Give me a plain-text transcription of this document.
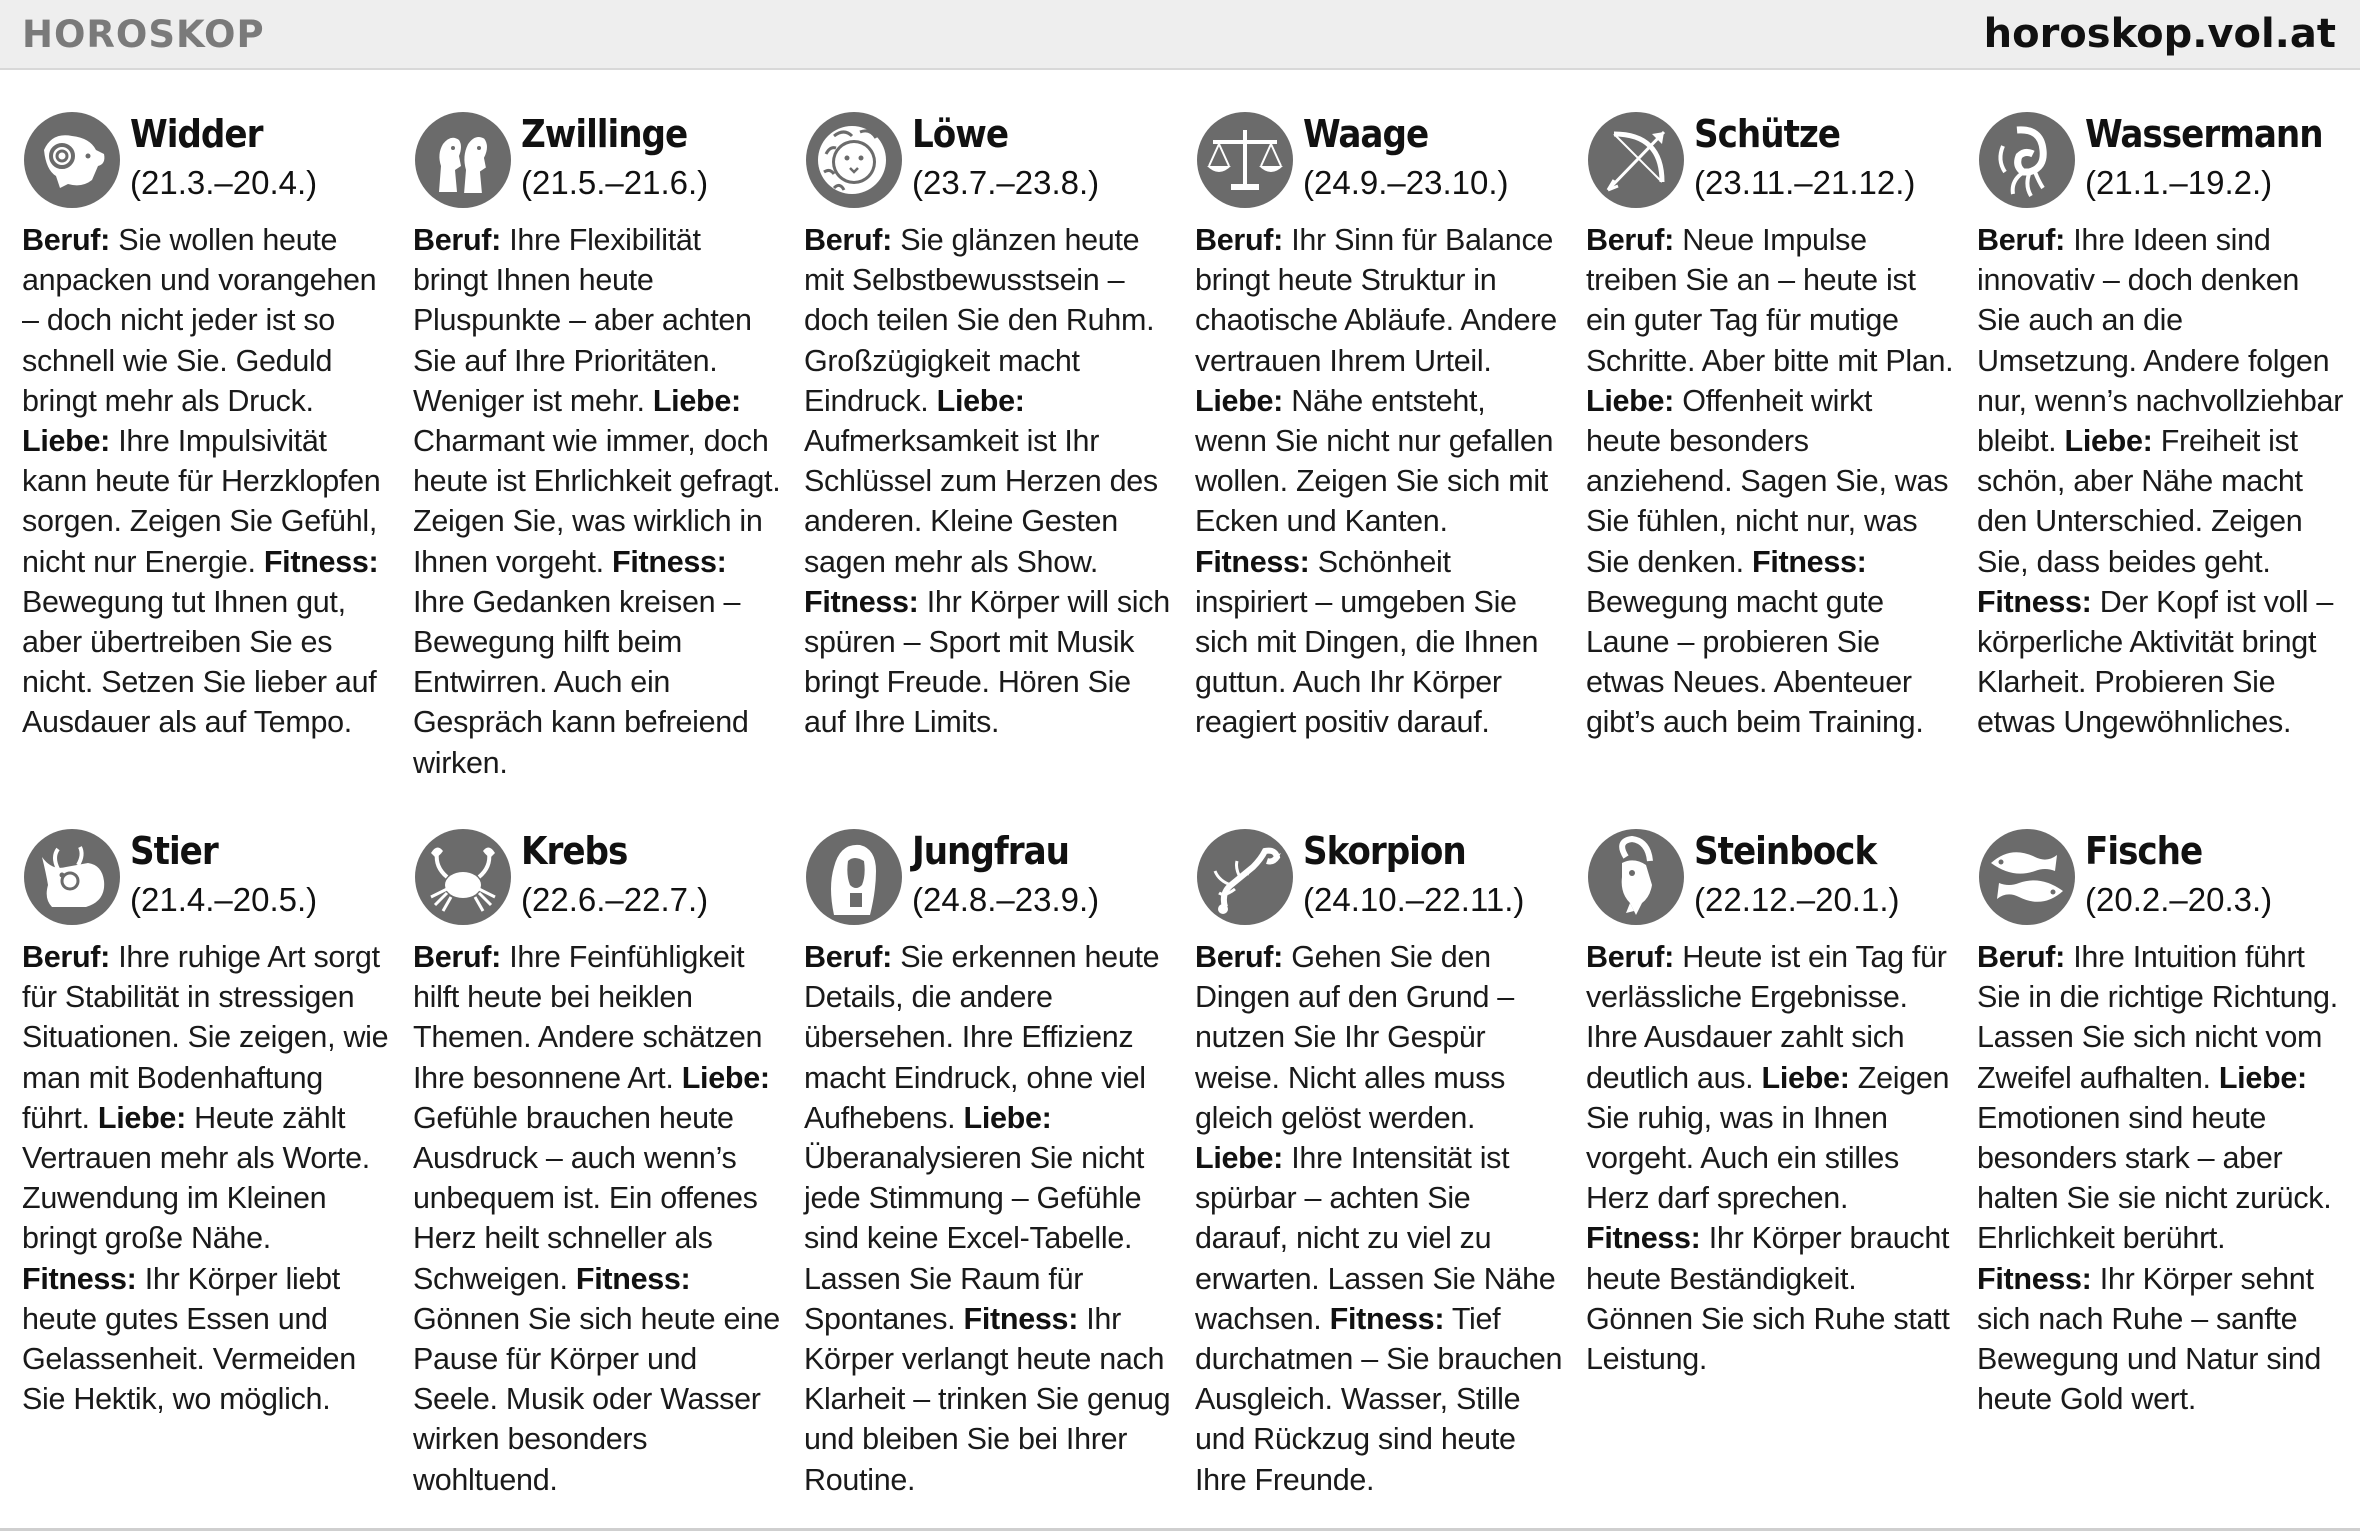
HOROSKOP	horoskop.vol.at
Widder
(21.3.–20.4.)
Beruf: Sie wollen heute anpacken und vorangehen – doch nicht jeder ist so schnell wie Sie. Geduld bringt mehr als Druck. Liebe: Ihre Impulsivität kann heute für Herzklopfen sorgen. Zeigen Sie Gefühl, nicht nur Energie. Fitness: Bewegung tut Ihnen gut, aber übertreiben Sie es nicht. Setzen Sie lieber auf Ausdauer als auf Tempo.
Zwillinge
(21.5.–21.6.)
Beruf: Ihre Flexibilität bringt Ihnen heute Pluspunkte – aber achten Sie auf Ihre Prioritäten. Weniger ist mehr. Liebe: Charmant wie immer, doch heute ist Ehrlichkeit gefragt. Zeigen Sie, was wirklich in Ihnen vorgeht. Fitness: Ihre Gedanken kreisen – Bewegung hilft beim Entwirren. Auch ein Gespräch kann befreiend wirken.
Löwe
(23.7.–23.8.)
Beruf: Sie glänzen heute mit Selbstbewusstsein – doch teilen Sie den Ruhm. Großzügigkeit macht Eindruck. Liebe: Aufmerksamkeit ist Ihr Schlüssel zum Herzen des anderen. Kleine Gesten sagen mehr als Show. Fitness: Ihr Körper will sich spüren – Sport mit Musik bringt Freude. Hören Sie auf Ihre Limits.
Waage
(24.9.–23.10.)
Beruf: Ihr Sinn für Balance bringt heute Struktur in chaotische Abläufe. Andere vertrauen Ihrem Urteil. Liebe: Nähe entsteht, wenn Sie nicht nur gefallen wollen. Zeigen Sie sich mit Ecken und Kanten. Fitness: Schönheit inspiriert – umgeben Sie sich mit Dingen, die Ihnen guttun. Auch Ihr Körper reagiert positiv darauf.
Schütze
(23.11.–21.12.)
Beruf: Neue Impulse treiben Sie an – heute ist ein guter Tag für mutige Schritte. Aber bitte mit Plan. Liebe: Offenheit wirkt heute besonders anziehend. Sagen Sie, was Sie fühlen, nicht nur, was Sie denken. Fitness: Bewegung macht gute Laune – probieren Sie etwas Neues. Abenteuer gibt’s auch beim Training.
Wassermann
(21.1.–19.2.)
Beruf: Ihre Ideen sind innovativ – doch denken Sie auch an die Umsetzung. Andere folgen nur, wenn’s nachvollziehbar bleibt. Liebe: Freiheit ist schön, aber Nähe macht den Unterschied. Zeigen Sie, dass beides geht. Fitness: Der Kopf ist voll – körperliche Aktivität bringt Klarheit. Probieren Sie etwas Ungewöhnliches.
Stier
(21.4.–20.5.)
Beruf: Ihre ruhige Art sorgt für Stabilität in stressigen Situationen. Sie zeigen, wie man mit Bodenhaftung führt. Liebe: Heute zählt Vertrauen mehr als Worte. Zuwendung im Kleinen bringt große Nähe. Fitness: Ihr Körper liebt heute gutes Essen und Gelassenheit. Vermeiden Sie Hektik, wo möglich.
Krebs
(22.6.–22.7.)
Beruf: Ihre Feinfühligkeit hilft heute bei heiklen Themen. Andere schätzen Ihre besonnene Art. Liebe: Gefühle brauchen heute Ausdruck – auch wenn’s unbequem ist. Ein offenes Herz heilt schneller als Schweigen. Fitness: Gönnen Sie sich heute eine Pause für Körper und Seele. Musik oder Wasser wirken besonders wohltuend.
Jungfrau
(24.8.–23.9.)
Beruf: Sie erkennen heute Details, die andere übersehen. Ihre Effizienz macht Eindruck, ohne viel Aufhebens. Liebe: Überanalysieren Sie nicht jede Stimmung – Gefühle sind keine Excel-Tabelle. Lassen Sie Raum für Spontanes. Fitness: Ihr Körper verlangt heute nach Klarheit – trinken Sie genug und bleiben Sie bei Ihrer Routine.
Skorpion
(24.10.–22.11.)
Beruf: Gehen Sie den Dingen auf den Grund – nutzen Sie Ihr Gespür weise. Nicht alles muss gleich gelöst werden. Liebe: Ihre Intensität ist spürbar – achten Sie darauf, nicht zu viel zu erwarten. Lassen Sie Nähe wachsen. Fitness: Tief durchatmen – Sie brauchen Ausgleich. Wasser, Stille und Rückzug sind heute Ihre Freunde.
Steinbock
(22.12.–20.1.)
Beruf: Heute ist ein Tag für verlässliche Ergebnisse. Ihre Ausdauer zahlt sich deutlich aus. Liebe: Zeigen Sie ruhig, was in Ihnen vorgeht. Auch ein stilles Herz darf sprechen. Fitness: Ihr Körper braucht heute Beständigkeit. Gönnen Sie sich Ruhe statt Leistung.
Fische
(20.2.–20.3.)
Beruf: Ihre Intuition führt Sie in die richtige Richtung. Lassen Sie sich nicht vom Zweifel aufhalten. Liebe: Emotionen sind heute besonders stark – aber halten Sie sie nicht zurück. Ehrlichkeit berührt. Fitness: Ihr Körper sehnt sich nach Ruhe – sanfte Bewegung und Natur sind heute Gold wert.
